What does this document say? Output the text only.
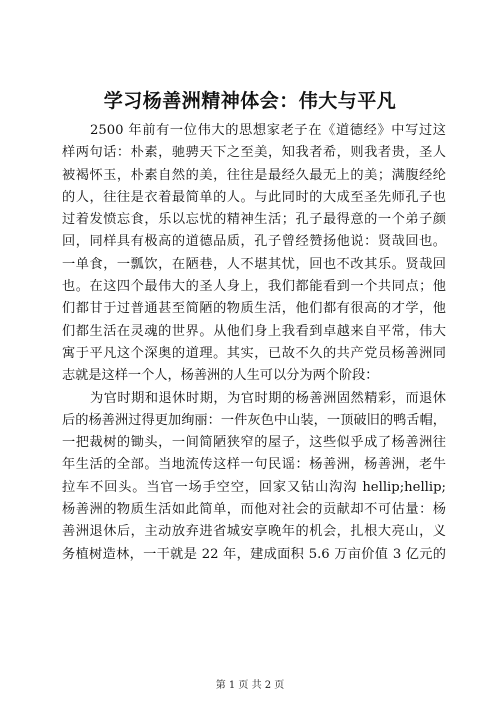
学习杨善洲精神体会：伟大与平凡
2500 年前有一位伟大的思想家老子在《道德经》中写过这
样两句话：朴素，驰骋天下之至美，知我者希，则我者贵，圣人
被褐怀玉，朴素自然的美，往往是最经久最无上的美；满腹经纶
的人，往往是衣着最简单的人。与此同时的大成至圣先师孔子也
过着发愤忘食，乐以忘忧的精神生活；孔子最得意的一个弟子颜
回，同样具有极高的道德品质，孔子曾经赞扬他说：贤哉回也。
一单食，一瓢饮，在陋巷，人不堪其忧，回也不改其乐。贤哉回
也。在这四个最伟大的圣人身上，我们都能看到一个共同点；他
们都甘于过普通甚至简陋的物质生活，他们都有很高的才学，他
们都生活在灵魂的世界。从他们身上我看到卓越来自平常，伟大
寓于平凡这个深奥的道理。其实，已故不久的共产党员杨善洲同
志就是这样一个人，杨善洲的人生可以分为两个阶段：
为官时期和退休时期，为官时期的杨善洲固然精彩，而退休
后的杨善洲过得更加绚丽：一件灰色中山装，一顶破旧的鸭舌帽，
一把裁树的锄头，一间简陋狭窄的屋子，这些似乎成了杨善洲往
年生活的全部。当地流传这样一句民谣：杨善洲，杨善洲，老牛
拉车不回头。当官一场手空空，回家又钻山沟沟 hellip;hellip;
杨善洲的物质生活如此简单，而他对社会的贡献却不可估量：杨
善洲退休后，主动放弃进省城安享晚年的机会，扎根大亮山，义
务植树造林，一干就是 22 年，建成面积 5.6 万亩价值 3 亿元的
第 1 页 共 2 页
